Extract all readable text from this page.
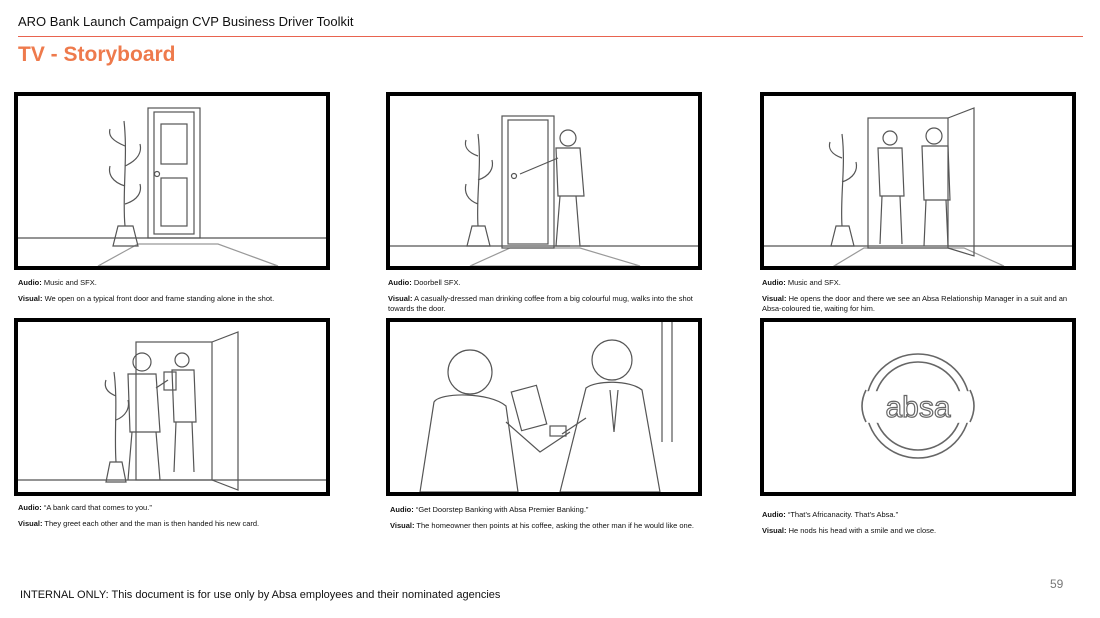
ARO Bank Launch Campaign CVP Business Driver Toolkit
TV - Storyboard

Audio: Music and SFX.

Visual: We open on a typical front door and frame standing alone in the shot.

Audio: Doorbell SFX.

Visual: A casually-dressed man drinking coffee from a big colourful mug, walks into the shot towards the door.

Audio: Music and SFX.

Visual: He opens the door and there we see an Absa Relationship Manager in a suit and an Absa-coloured tie, waiting for him.

Audio: “A bank card that comes to you.”

Visual: They greet each other and the man is then handed his new card.

Audio: “Get Doorstep Banking with Absa Premier Banking.”

Visual: The homeowner then points at his coffee, asking the other man if he would like one.

absa

Audio: “That’s Africanacity. That’s Absa.”

Visual: He nods his head with a smile and we close.

INTERNAL ONLY: This document is for use only by Absa employees and their nominated agencies
59
